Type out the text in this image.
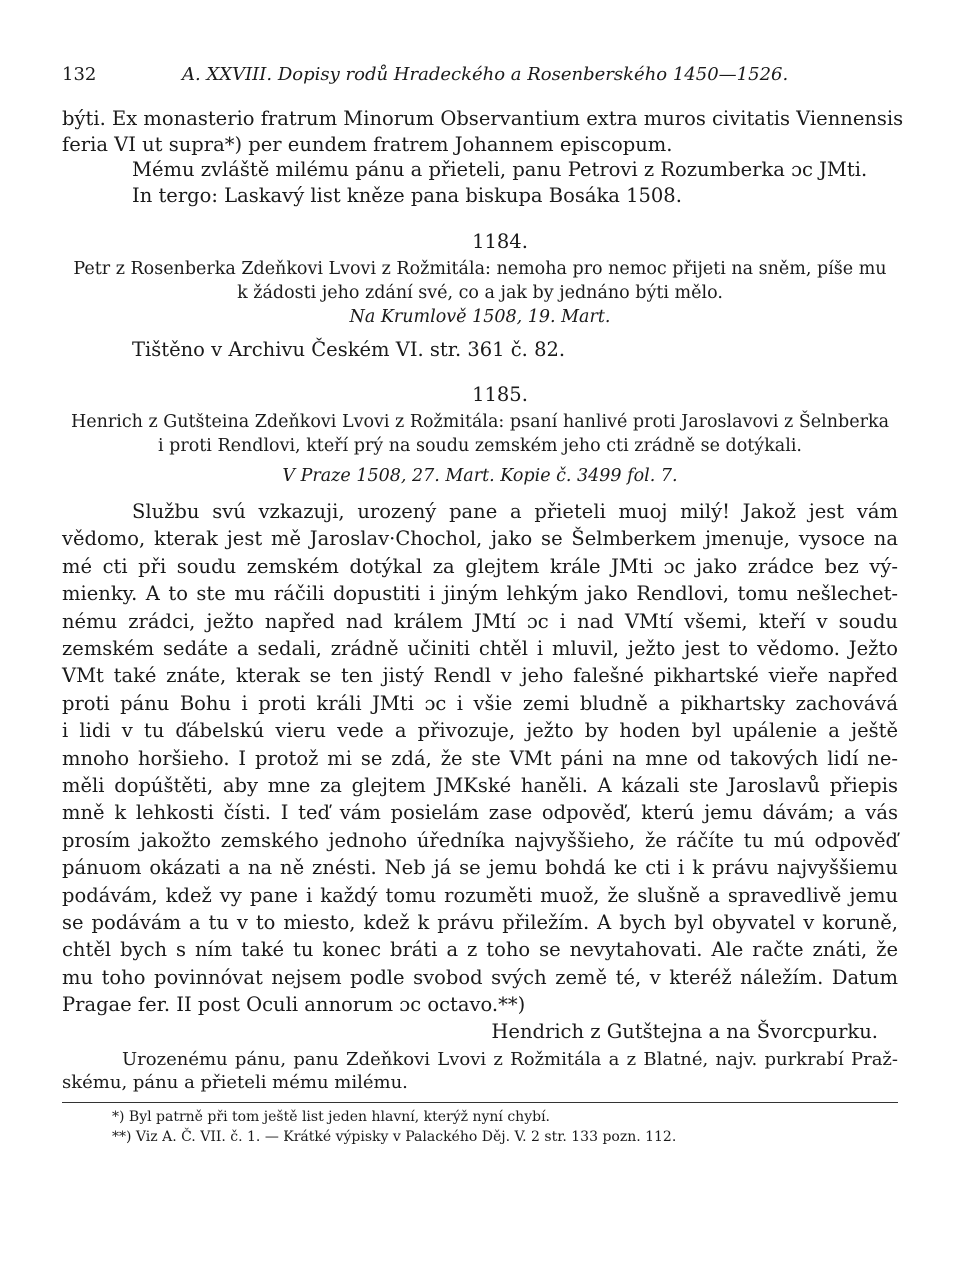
132	A. XXVIII. Dopisy rodů Hradeckého a Rosenberského 1450—1526.

býti. Ex monasterio fratrum Minorum Observantium extra muros civitatis Viennensis

feria VI ut supra*) per eundem fratrem Johannem episcopum.

Mému zvláště milému pánu a přieteli, panu Petrovi z Rozumberka ɔc JMti.

In tergo: Laskavý list kněze pana biskupa Bosáka 1508.

1184.

Petr z Rosenberka Zdeňkovi Lvovi z Rožmitála: nemoha pro nemoc přijeti na sněm, píše mu

k žádosti jeho zdání své, co a jak by jednáno býti mělo.

Na Krumlově 1508, 19. Mart.

Tištěno v Archivu Českém VI. str. 361 č. 82.

1185.

Henrich z Gutšteina Zdeňkovi Lvovi z Rožmitála: psaní hanlivé proti Jaroslavovi z Šelnberka

i proti Rendlovi, kteří prý na soudu zemském jeho cti zrádně se dotýkali.

V Praze 1508, 27. Mart. Kopie č. 3499 fol. 7.

Službu svú vzkazuji, urozený pane a přieteli muoj milý! Jakož jest vám
vědomo, kterak jest mě Jaroslav·Chochol, jako se Šelmberkem jmenuje, vysoce na
mé cti při soudu zemském dotýkal za glejtem krále JMti ɔc jako zrádce bez vý-
mienky. A to ste mu ráčili dopustiti i jiným lehkým jako Rendlovi, tomu nešlechet-
nému zrádci, ježto napřed nad králem JMtí ɔc i nad VMtí všemi, kteří v soudu
zemském sedáte a sedali, zrádně učiniti chtěl i mluvil, ježto jest to vědomo. Ježto
VMt také znáte, kterak se ten jistý Rendl v jeho falešné pikhartské vieře napřed
proti pánu Bohu i proti králi JMti ɔc i všie zemi bludně a pikhartsky zachovává
i lidi v tu ďábelskú vieru vede a přivozuje, ježto by hoden byl upálenie a ještě
mnoho horšieho. I protož mi se zdá, že ste VMt páni na mne od takových lidí ne-
měli dopúštěti, aby mne za glejtem JMKské haněli. A kázali ste Jaroslavů přiepis
mně k lehkosti čísti. I teď vám posielám zase odpověď, kterú jemu dávám; a vás
prosím jakožto zemského jednoho úředníka najvyššieho, že ráčíte tu mú odpověď
pánuom okázati a na ně znésti. Neb já se jemu bohdá ke cti i k právu najvyššiemu
podávám, kdež vy pane i každý tomu rozuměti muož, že slušně a spravedlivě jemu
se podávám a tu v to miesto, kdež k právu přiležím. A bych byl obyvatel v koruně,
chtěl bych s ním také tu konec bráti a z toho se nevytahovati. Ale račte znáti, že
mu toho povinnóvat nejsem podle svobod svých země té, v kteréž náležím. Datum
Pragae fer. II post Oculi annorum ɔc octavo.**)

Hendrich z Gutštejna a na Švorcpurku.

Urozenému pánu, panu Zdeňkovi Lvovi z Rožmitála a z Blatné, najv. purkrabí Praž- skému, pánu a přieteli mému milému.

*) Byl patrně při tom ještě list jeden hlavní, kterýž nyní chybí.
**) Viz A. Č. VII. č. 1. — Krátké výpisky v Palackého Děj. V. 2 str. 133 pozn. 112.
